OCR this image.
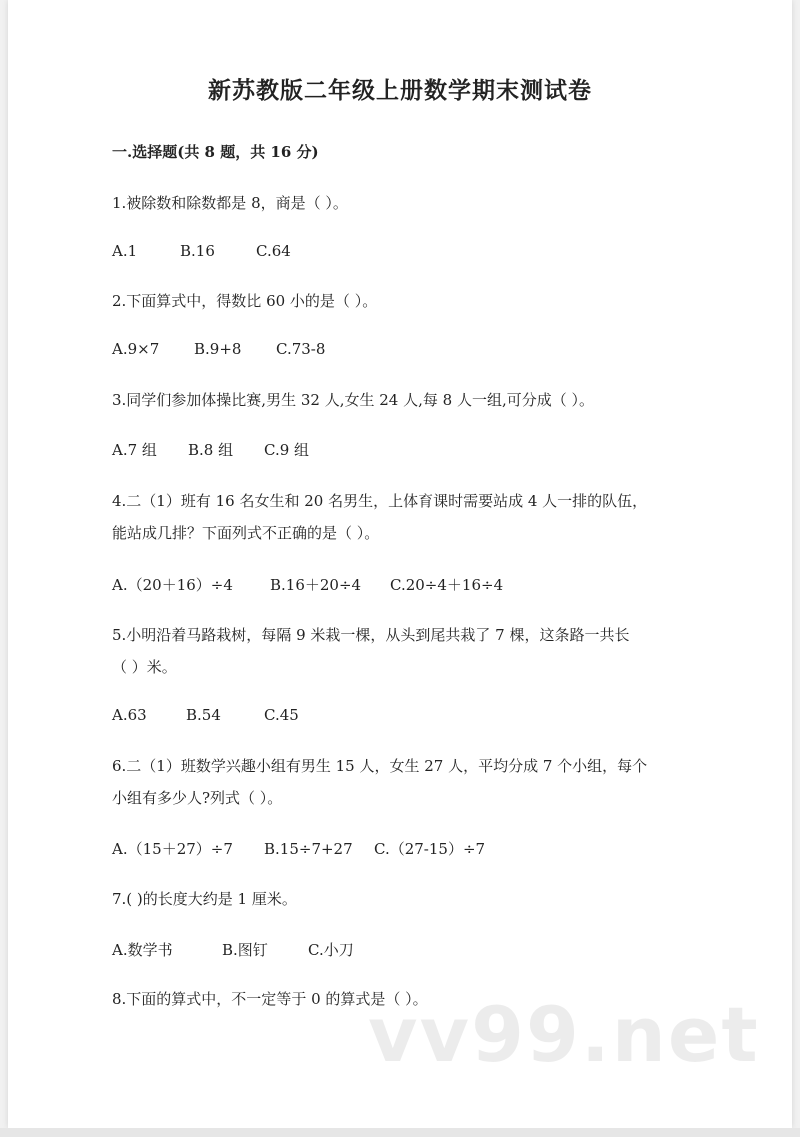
新苏教版二年级上册数学期末测试卷
一.选择题(共 8 题，共 16 分)
1.被除数和除数都是 8，商是（ ）。
A.1	B.16	C.64
2.下面算式中，得数比 60 小的是（ ）。
A.9×7 B.9+8 C.73-8
3.同学们参加体操比赛,男生 32 人,女生 24 人,每 8 人一组,可分成（ ）。
A.7 组 B.8 组 C.9 组
4.二（1）班有 16 名女生和 20 名男生，上体育课时需要站成 4 人一排的队伍，
能站成几排？下面列式不正确的是（ ）。
A.（20＋16）÷4 B.16＋20÷4 C.20÷4＋16÷4
5.小明沿着马路栽树，每隔 9 米栽一棵，从头到尾共栽了 7 棵，这条路一共长
（ ）米。
A.63	B.54	C.45
6.二（1）班数学兴趣小组有男生 15 人，女生 27 人，平均分成 7 个小组，每个
小组有多少人?列式（ ）。
A.（15＋27）÷7 B.15÷7+27 C.（27-15）÷7
7.( )的长度大约是 1 厘米。
A.数学书	B.图钉	C.小刀
8.下面的算式中，不一定等于 0 的算式是（ ）。
vv99.net
